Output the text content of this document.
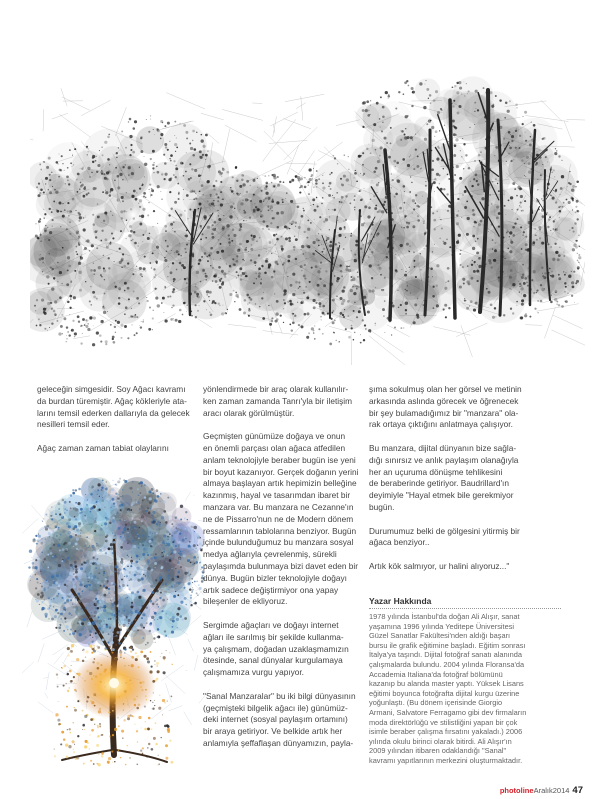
geleceğin simgesidir. Soy Ağacı kavramı
da burdan türemiştir. Ağaç kökleriyle ata-
larını temsil ederken dallarıyla da gelecek
nesilleri temsil eder.

Ağaç zaman zaman tabiat olaylarını

yönlendirmede bir araç olarak kullanılır-
ken zaman zamanda Tanrı'yla bir iletişim
aracı olarak görülmüştür.

Geçmişten günümüze doğaya ve onun
en önemli parçası olan ağaca atfedilen
anlam teknolojiyle beraber bugün ise yeni
bir boyut kazanıyor. Gerçek doğanın yerini
almaya başlayan artık hepimizin belleğine
kazınmış, hayal ve tasarımdan ibaret bir
manzara var. Bu manzara ne Cezanne'ın
ne de Pissarro'nun ne de Modern dönem
ressamlarının tablolarına benziyor. Bugün
içinde bulunduğumuz bu manzara sosyal
medya ağlarıyla çevrelenmiş, sürekli
paylaşımda bulunmaya bizi davet eden bir
dünya. Bugün bizler teknolojiyle doğayı
artık sadece değiştirmiyor ona yapay
bileşenler de ekliyoruz.

Sergimde ağaçları ve doğayı internet
ağları ile sarılmış bir şekilde kullanma-
ya çalışmam, doğadan uzaklaşmamızın
ötesinde, sanal dünyalar kurgulamaya
çalışmamıza vurgu yapıyor.

"Sanal Manzaralar" bu iki bilgi dünyasının
(geçmişteki bilgelik ağacı ile) günümüz-
deki internet (sosyal paylaşım ortamını)
bir araya getiriyor. Ve belkide artık her
anlamıyla şeffaflaşan dünyamızın, payla-

şıma sokulmuş olan her görsel ve metinin
arkasında aslında görecek ve öğrenecek
bir şey bulamadığımız bir "manzara" ola-
rak ortaya çıktığını anlatmaya çalışıyor.

Bu manzara, dijital dünyanın bize sağla-
dığı sınırsız ve anlık paylaşım olanağıyla
her an uçuruma dönüşme tehlikesini
de beraberinde getiriyor. Baudrillard'ın
deyimiyle "Hayal etmek bile gerekmiyor
bugün.

Durumumuz belki de gölgesini yitirmiş bir
ağaca benziyor..

Artık kök salmıyor, ur halini alıyoruz..."

Yazar Hakkında
1978 yılında İstanbul'da doğan Ali Alışır, sanat
yaşamına 1996 yılında Yeditepe Üniversitesi
Güzel Sanatlar Fakültesi'nden aldığı başarı
bursu ile grafik eğitimine başladı. Eğitim sonrası
İtalya'ya taşındı. Dijital fotoğraf sanatı alanında
çalışmalarda bulundu. 2004 yılında Floransa'da
Accademia Italiana'da fotoğraf bölümünü
kazanıp bu alanda master yaptı. Yüksek Lisans
eğitimi boyunca fotoğrafta dijital kurgu üzerine
yoğunlaştı. (Bu dönem içerisinde Giorgio
Armani, Salvatore Ferragamo gibi dev firmaların
moda direktörlüğü ve stilistliğini yapan bir çok
isimle beraber çalışma fırsatını yakaladı.) 2006
yılında okulu birinci olarak bitirdi. Ali Alışır'ın
2009 yılından itibaren odaklandığı "Sanal"
kavramı yapıtlarının merkezini oluşturmaktadır.
photolineAralık2014 47
